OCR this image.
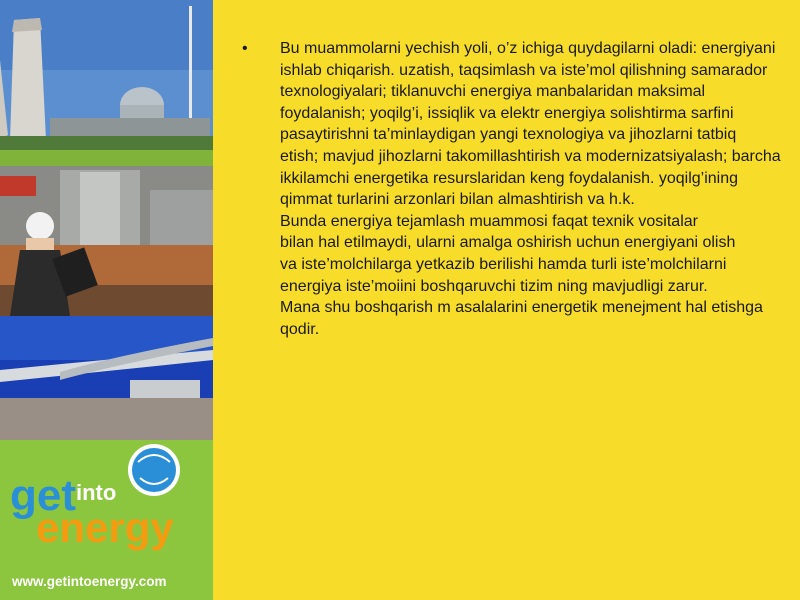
get into
energy
www.getintoenergy.com
•	Bu muammolarni yechish yoli, o’z ichiga quydagilarni oladi: energiyani
ishlab chiqarish. uzatish, taqsimlash va iste’mol qilishning samarador
texnologiyalari; tiklanuvchi energiya manbalaridan maksimal
foydalanish; yoqilg’i, issiqlik va elektr energiya solishtirma sarfini
pasaytirishni ta’minlaydigan yangi texnologiya va jihozlarni tatbiq
etish; mavjud jihozlarni takomillashtirish va modernizatsiyalash; barcha
ikkilamchi energetika resurslaridan keng foydalanish. yoqilg’ining
qimmat turlarini arzonlari bilan almashtirish va h.k.
Bunda energiya tejamlash muammosi faqat texnik vositalar
bilan hal etilmaydi, ularni amalga oshirish uchun energiyani olish
va iste’molchilarga yetkazib berilishi hamda turli iste’molchilarni
energiya iste’moiini boshqaruvchi tizim ning mavjudligi zarur.
Mana shu boshqarish m asalalarini energetik menejment hal etishga
qodir.
